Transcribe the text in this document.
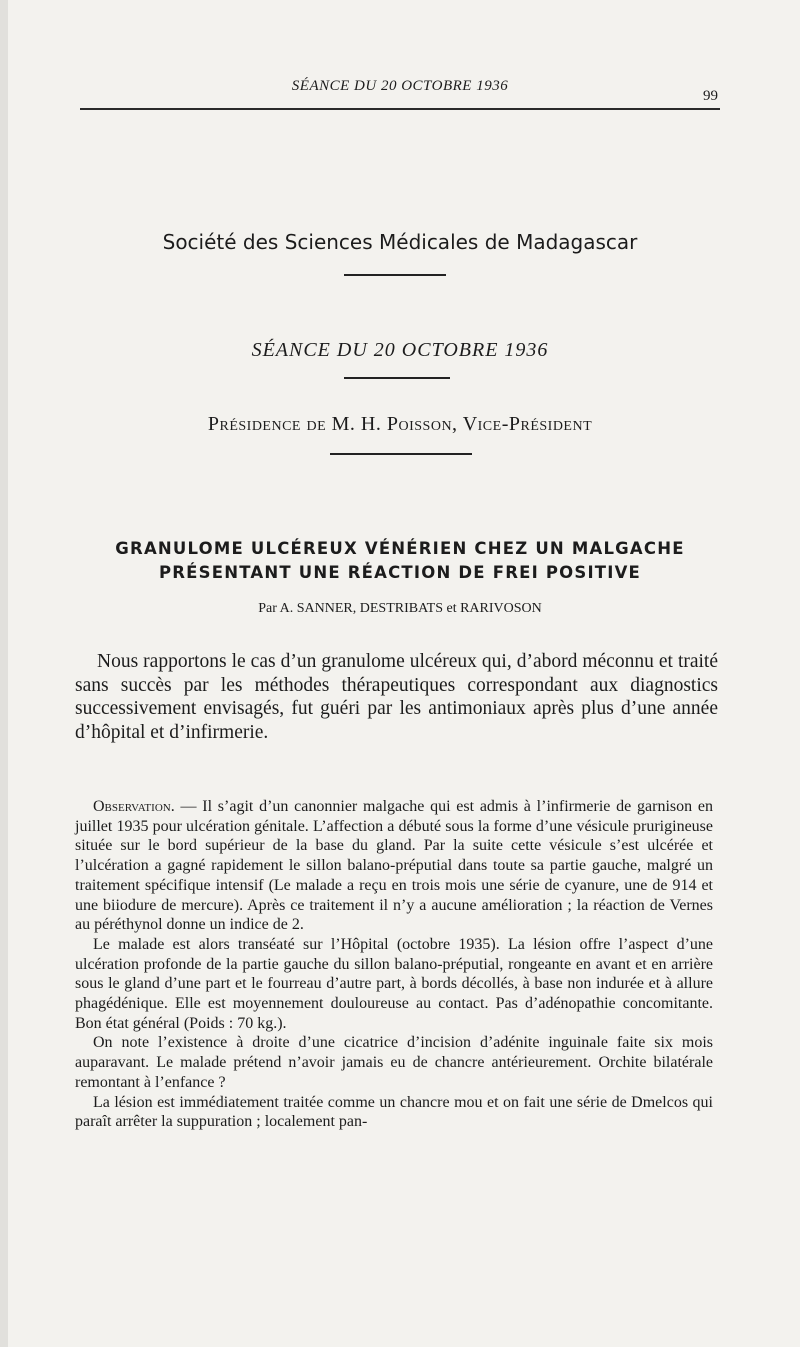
SÉANCE DU 20 OCTOBRE 1936
99
Société des Sciences Médicales de Madagascar
SÉANCE DU 20 OCTOBRE 1936
Présidence de M. H. Poisson, Vice-Président
GRANULOME ULCÉREUX VÉNÉRIEN CHEZ UN MALGACHE PRÉSENTANT UNE RÉACTION DE FREI POSITIVE
Par A. SANNER, DESTRIBATS et RARIVOSON
Nous rapportons le cas d’un granulome ulcéreux qui, d’abord méconnu et traité sans succès par les méthodes thérapeutiques correspondant aux diagnostics successivement envisagés, fut guéri par les antimoniaux après plus d’une année d’hôpital et d’infirmerie.

Observation. — Il s’agit d’un canonnier malgache qui est admis à l’infirmerie de garnison en juillet 1935 pour ulcération génitale. L’affection a débuté sous la forme d’une vésicule prurigineuse située sur le bord supérieur de la base du gland. Par la suite cette vésicule s’est ulcérée et l’ulcération a gagné rapidement le sillon balano-préputial dans toute sa partie gauche, malgré un traitement spécifique intensif (Le malade a reçu en trois mois une série de cyanure, une de 914 et une biiodure de mercure). Après ce traitement il n’y a aucune amélioration ; la réaction de Vernes au péréthynol donne un indice de 2.

Le malade est alors transéaté sur l’Hôpital (octobre 1935). La lésion offre l’aspect d’une ulcération profonde de la partie gauche du sillon balano-préputial, rongeante en avant et en arrière sous le gland d’une part et le fourreau d’autre part, à bords décollés, à base non indurée et à allure phagédénique. Elle est moyennement douloureuse au contact. Pas d’adénopathie concomitante. Bon état général (Poids : 70 kg.).

On note l’existence à droite d’une cicatrice d’incision d’adénite inguinale faite six mois auparavant. Le malade prétend n’avoir jamais eu de chancre antérieurement. Orchite bilatérale remontant à l’enfance ?

La lésion est immédiatement traitée comme un chancre mou et on fait une série de Dmelcos qui paraît arrêter la suppuration ; localement pan-
